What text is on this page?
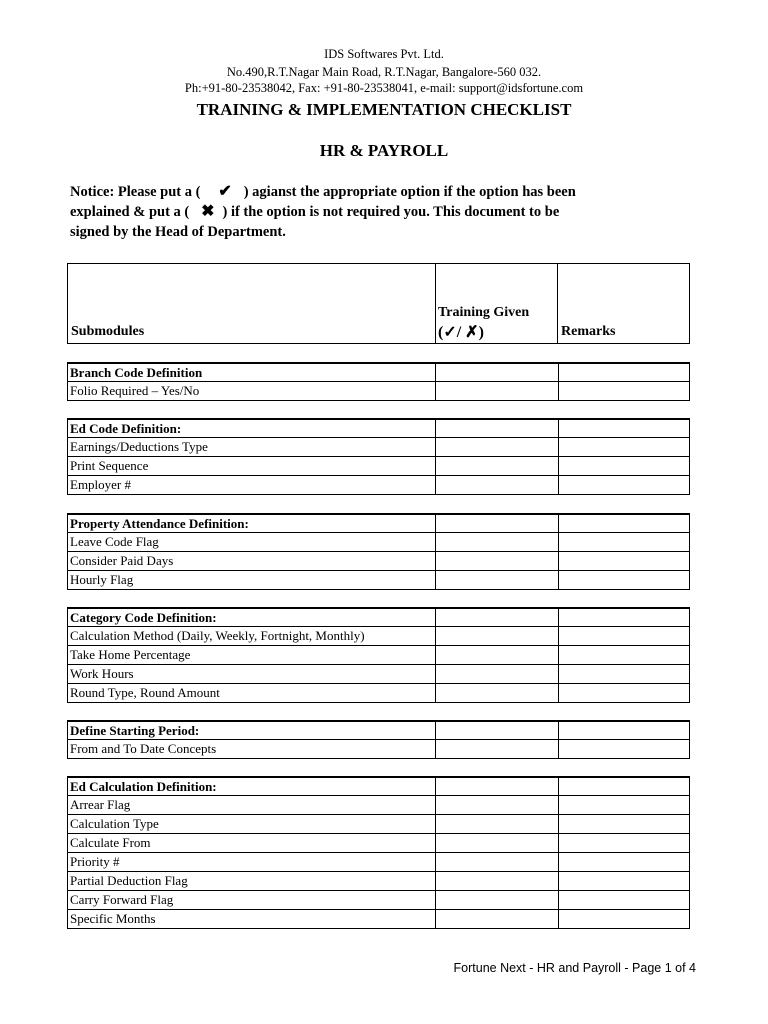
IDS Softwares Pvt. Ltd.
No.490,R.T.Nagar Main Road, R.T.Nagar, Bangalore-560 032.
Ph:+91-80-23538042, Fax: +91-80-23538041, e-mail: support@idsfortune.com
TRAINING & IMPLEMENTATION CHECKLIST
HR & PAYROLL
Notice: Please put a ( ✔ ) agianst the appropriate option if the option has been
explained & put a ( ✖ ) if the option is not required you. This document to be
signed by the Head of Department.
Submodules
Training Given
(✓/ ✗)	Remarks
Branch Code Definition
Folio Required – Yes/No
Ed Code Definition:
Earnings/Deductions Type
Print Sequence
Employer #
Property Attendance Definition:
Leave Code Flag
Consider Paid Days
Hourly Flag
Category Code Definition:
Calculation Method (Daily, Weekly, Fortnight, Monthly)
Take Home Percentage
Work Hours
Round Type, Round Amount
Define Starting Period:
From and To Date Concepts
Ed Calculation Definition:
Arrear Flag
Calculation Type
Calculate From
Priority #
Partial Deduction Flag
Carry Forward Flag
Specific Months
Fortune Next - HR and Payroll - Page 1 of 4
